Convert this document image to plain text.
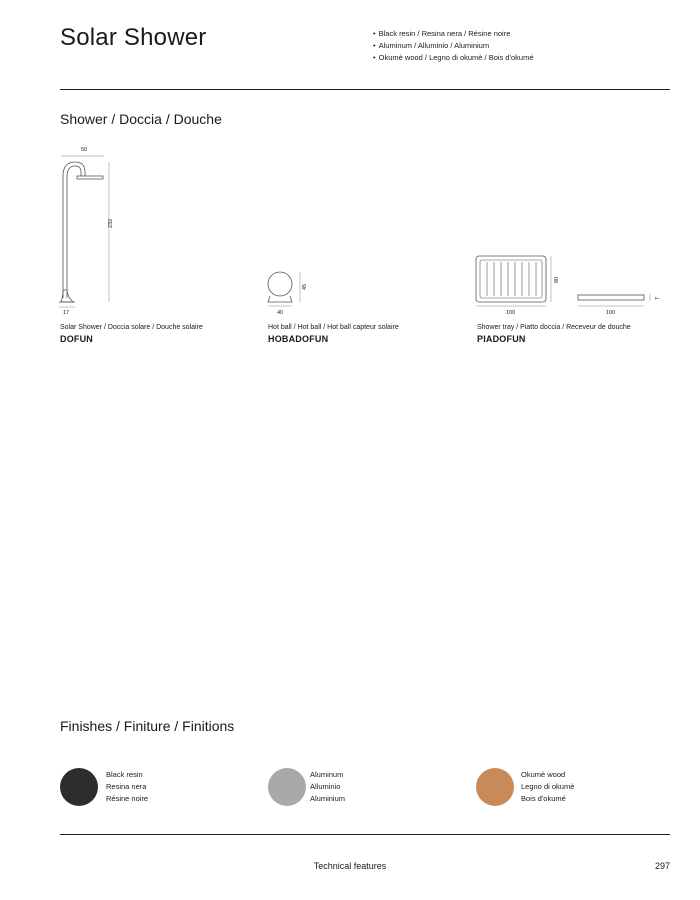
Solar Shower
•	Black resin / Resina nera / Résine noire
• Aluminum / Alluminio / Aluminium
• Okumè wood / Legno di okumè / Bois d'okumé
Shower / Doccia / Douche
50
232
17
45
40
80
100	100
7
Solar Shower / Doccia solare / Douche solaire
DOFUN
Hot ball / Hot ball / Hot ball capteur solaire
HOBADOFUN
Shower tray / Piatto doccia / Receveur de douche
PIADOFUN
Finishes / Finiture / Finitions
Black resin
Resina nera
Résine noire
Aluminum
Alluminio
Aluminium
Okumè wood
Legno di okumè
Bois d'okumé
Technical features	297
